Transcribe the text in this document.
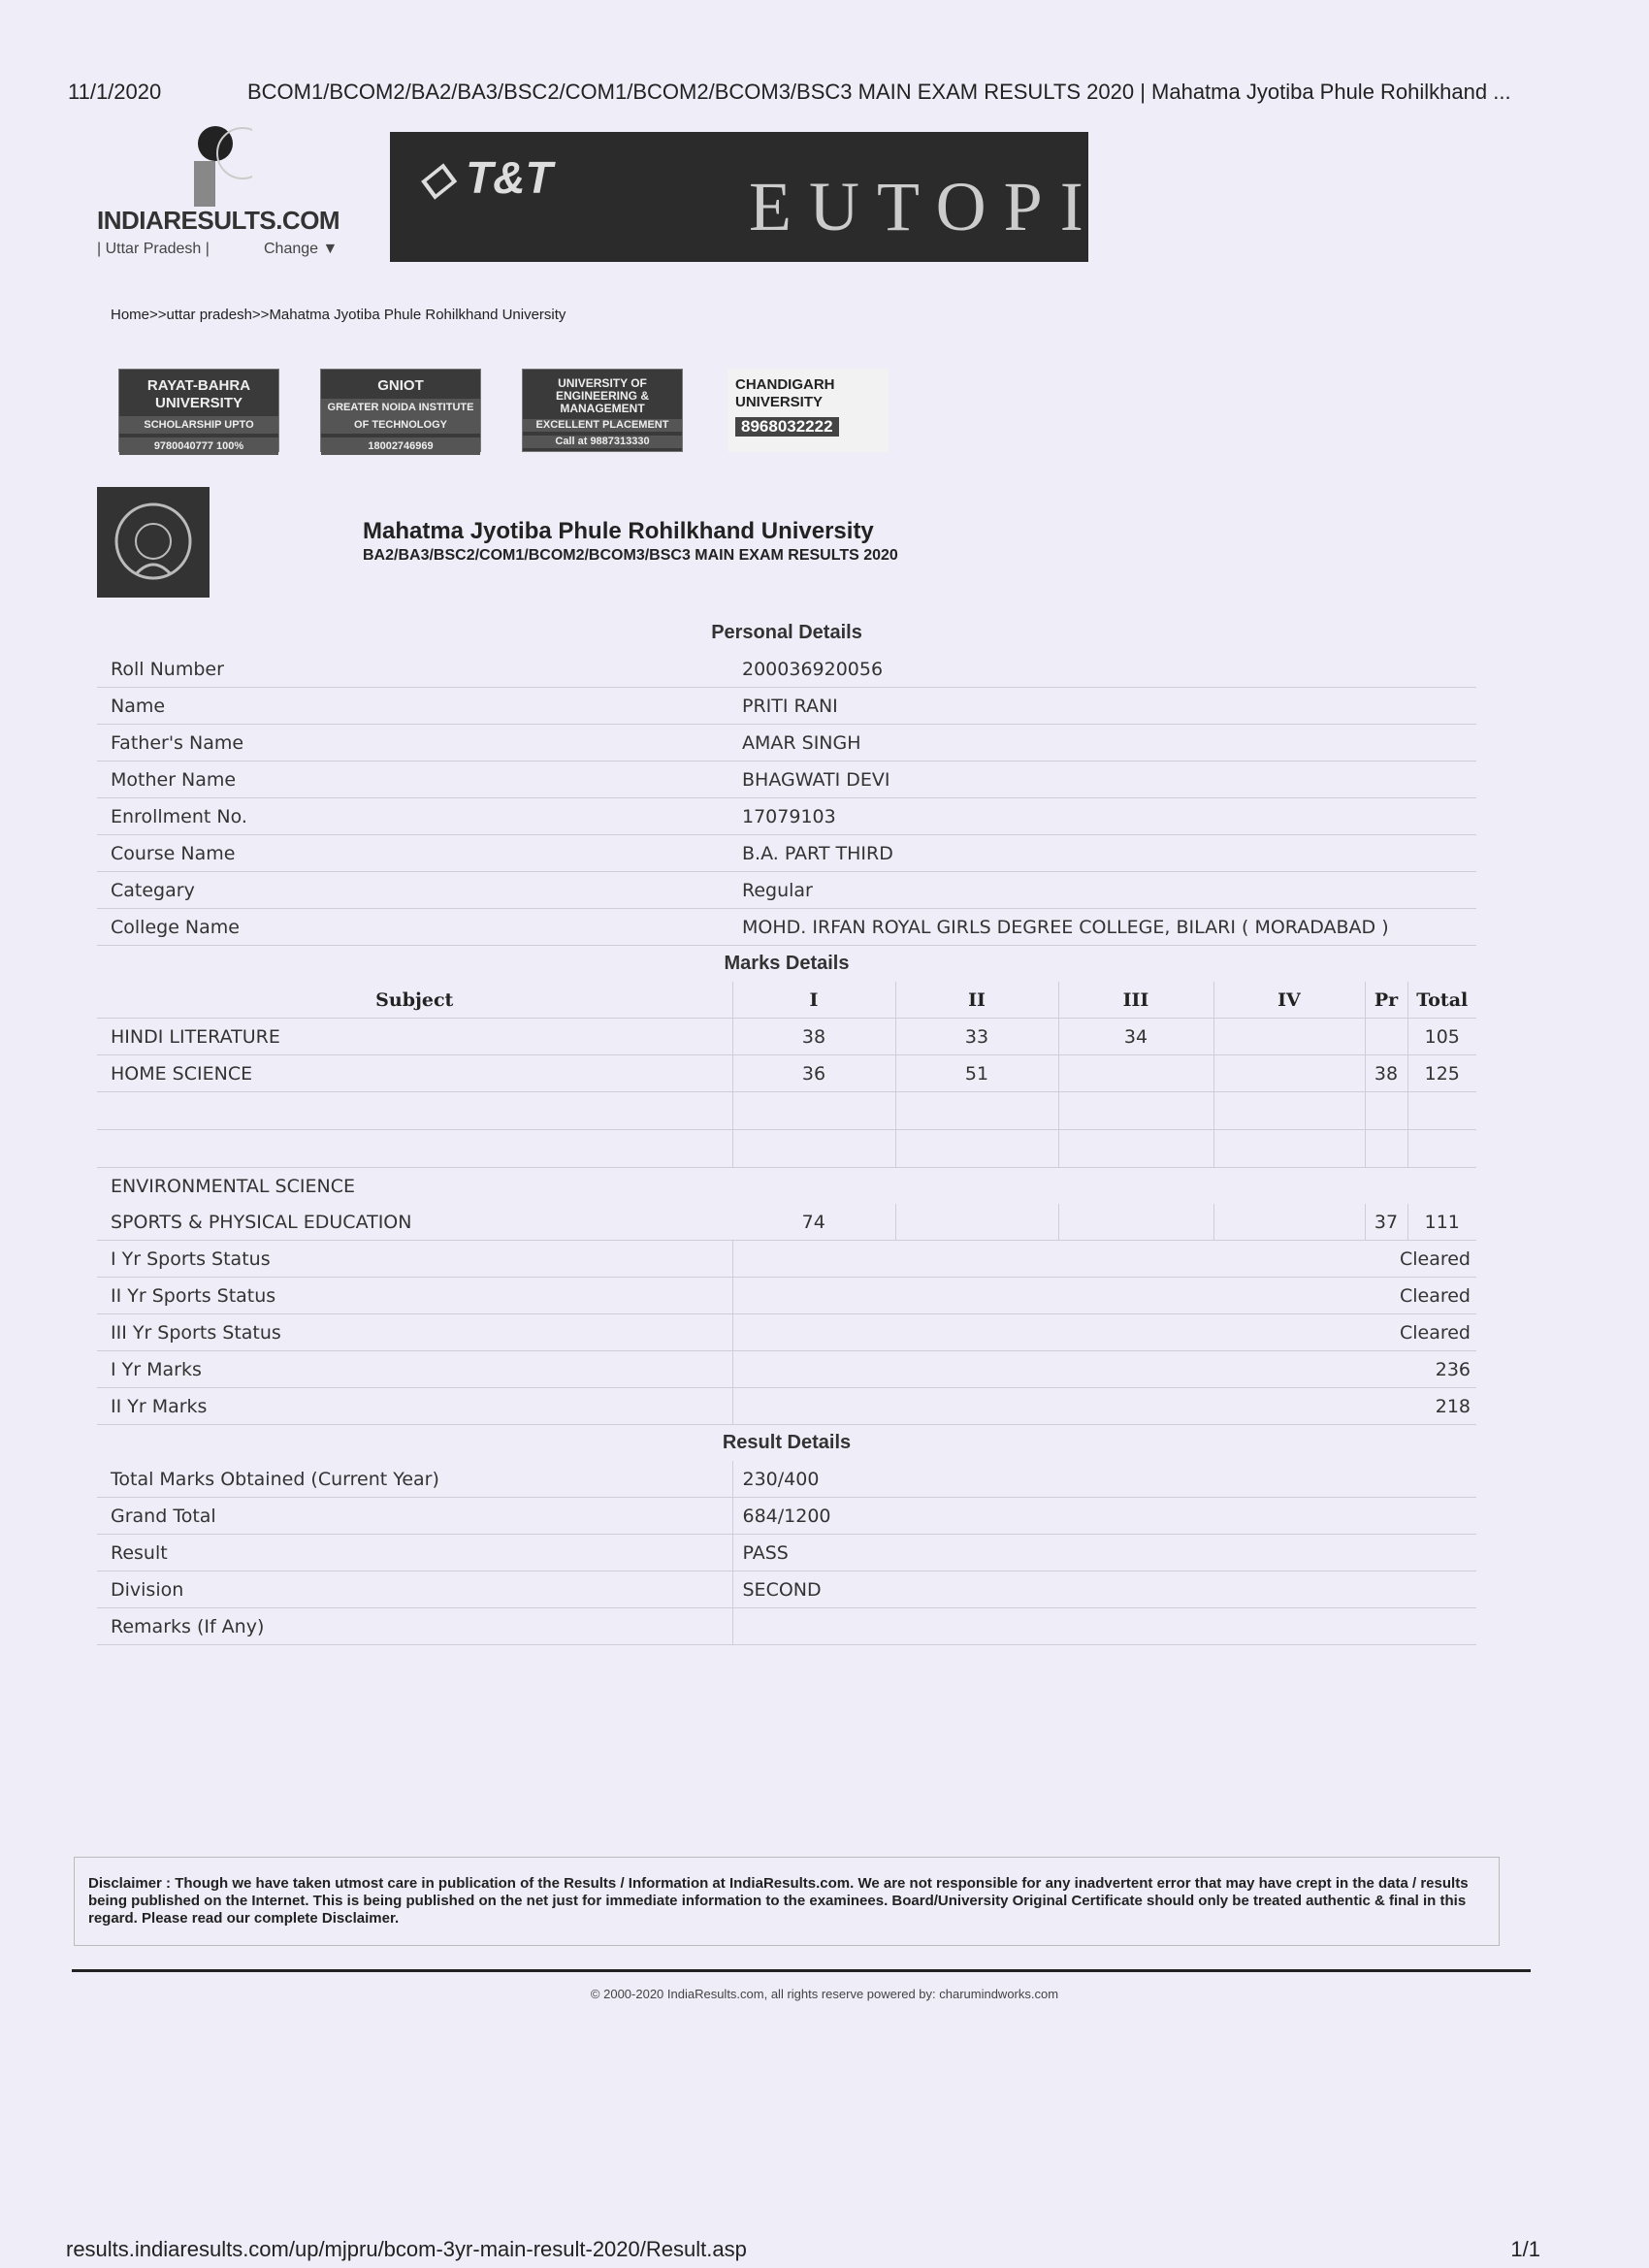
11/1/2020	BCOM1/BCOM2/BA2/BA3/BSC2/COM1/BCOM2/BCOM3/BSC3 MAIN EXAM RESULTS 2020 | Mahatma Jyotiba Phule Rohilkhand ...
INDIARESULTS.COM
| Uttar Pradesh |	Change ▼
◇ T&T	EUTOPI
Home>>uttar pradesh>>Mahatma Jyotiba Phule Rohilkhand University
RAYAT-BAHRA UNIVERSITY
SCHOLARSHIP UPTO
9780040777 100%
GNIOT
GREATER NOIDA INSTITUTE OF TECHNOLOGY
18002746969
UNIVERSITY OF ENGINEERING & MANAGEMENT
EXCELLENT PLACEMENT
Call at 9887313330
CHANDIGARH UNIVERSITY
8968032222
Mahatma Jyotiba Phule Rohilkhand University
BA2/BA3/BSC2/COM1/BCOM2/BCOM3/BSC3 MAIN EXAM RESULTS 2020
Personal Details						
Roll Number	200036920056					
Name	PRITI RANI					
Father's Name	AMAR SINGH					
Mother Name	BHAGWATI DEVI					
Enrollment No.	17079103					
Course Name	B.A. PART THIRD					
Categary	Regular					
College Name	MOHD. IRFAN ROYAL GIRLS DEGREE COLLEGE, BILARI ( MORADABAD )					
Marks Details						
Subject	I	II	III	IV	Pr	Total
HINDI LITERATURE	38	33	34			105
HOME SCIENCE	36	51			38	125

ENVIRONMENTAL SCIENCE						
SPORTS & PHYSICAL EDUCATION	74				37	111
I Yr Sports Status	Cleared					
II Yr Sports Status	Cleared					
III Yr Sports Status	Cleared					
I Yr Marks	236					
II Yr Marks	218					
Result Details						
Total Marks Obtained (Current Year)	230/400					
Grand Total	684/1200					
Result	PASS					
Division	SECOND					
Remarks (If Any)						
Disclaimer : Though we have taken utmost care in publication of the Results / Information at IndiaResults.com. We are not responsible for any inadvertent error that may have crept in the data / results being published on the Internet. This is being published on the net just for immediate information to the examinees. Board/University Original Certificate should only be treated authentic & final in this regard. Please read our complete Disclaimer.
© 2000-2020 IndiaResults.com, all rights reserve powered by: charumindworks.com
results.indiaresults.com/up/mjpru/bcom-3yr-main-result-2020/Result.asp	1/1
